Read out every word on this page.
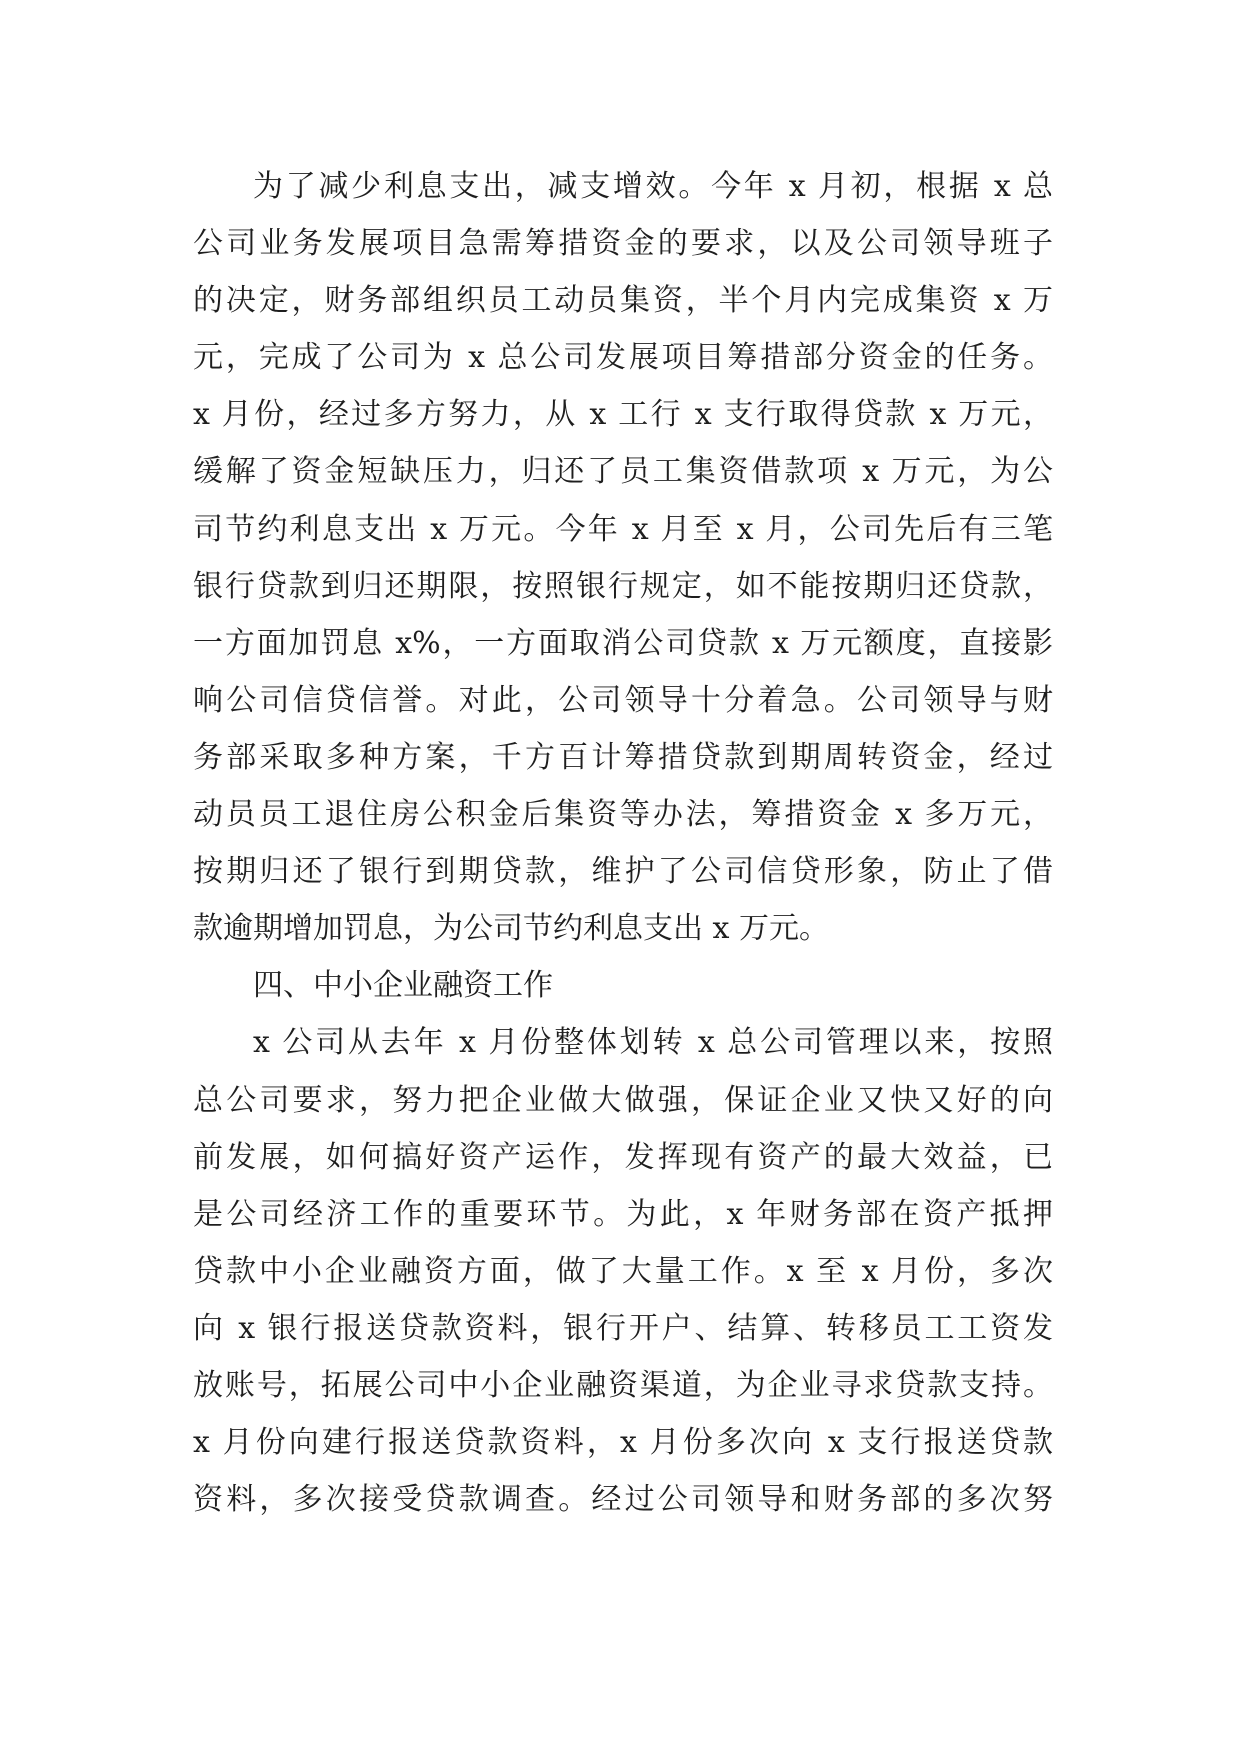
为了减少利息支出，减支增效。今年 x 月初，根据 x 总
公司业务发展项目急需筹措资金的要求，以及公司领导班子
的决定，财务部组织员工动员集资，半个月内完成集资 x 万
元，完成了公司为 x 总公司发展项目筹措部分资金的任务。
x 月份，经过多方努力，从 x 工行 x 支行取得贷款 x 万元，
缓解了资金短缺压力，归还了员工集资借款项 x 万元，为公
司节约利息支出 x 万元。今年 x 月至 x 月，公司先后有三笔
银行贷款到归还期限，按照银行规定，如不能按期归还贷款，
一方面加罚息 x%，一方面取消公司贷款 x 万元额度，直接影
响公司信贷信誉。对此，公司领导十分着急。公司领导与财
务部采取多种方案，千方百计筹措贷款到期周转资金，经过
动员员工退住房公积金后集资等办法，筹措资金 x 多万元，
按期归还了银行到期贷款，维护了公司信贷形象，防止了借
款逾期增加罚息，为公司节约利息支出 x 万元。
四、中小企业融资工作
x 公司从去年 x 月份整体划转 x 总公司管理以来，按照
总公司要求，努力把企业做大做强，保证企业又快又好的向
前发展，如何搞好资产运作，发挥现有资产的最大效益，已
是公司经济工作的重要环节。为此，x 年财务部在资产抵押
贷款中小企业融资方面，做了大量工作。x 至 x 月份，多次
向 x 银行报送贷款资料，银行开户、结算、转移员工工资发
放账号，拓展公司中小企业融资渠道，为企业寻求贷款支持。
x 月份向建行报送贷款资料，x 月份多次向 x 支行报送贷款
资料，多次接受贷款调查。经过公司领导和财务部的多次努
